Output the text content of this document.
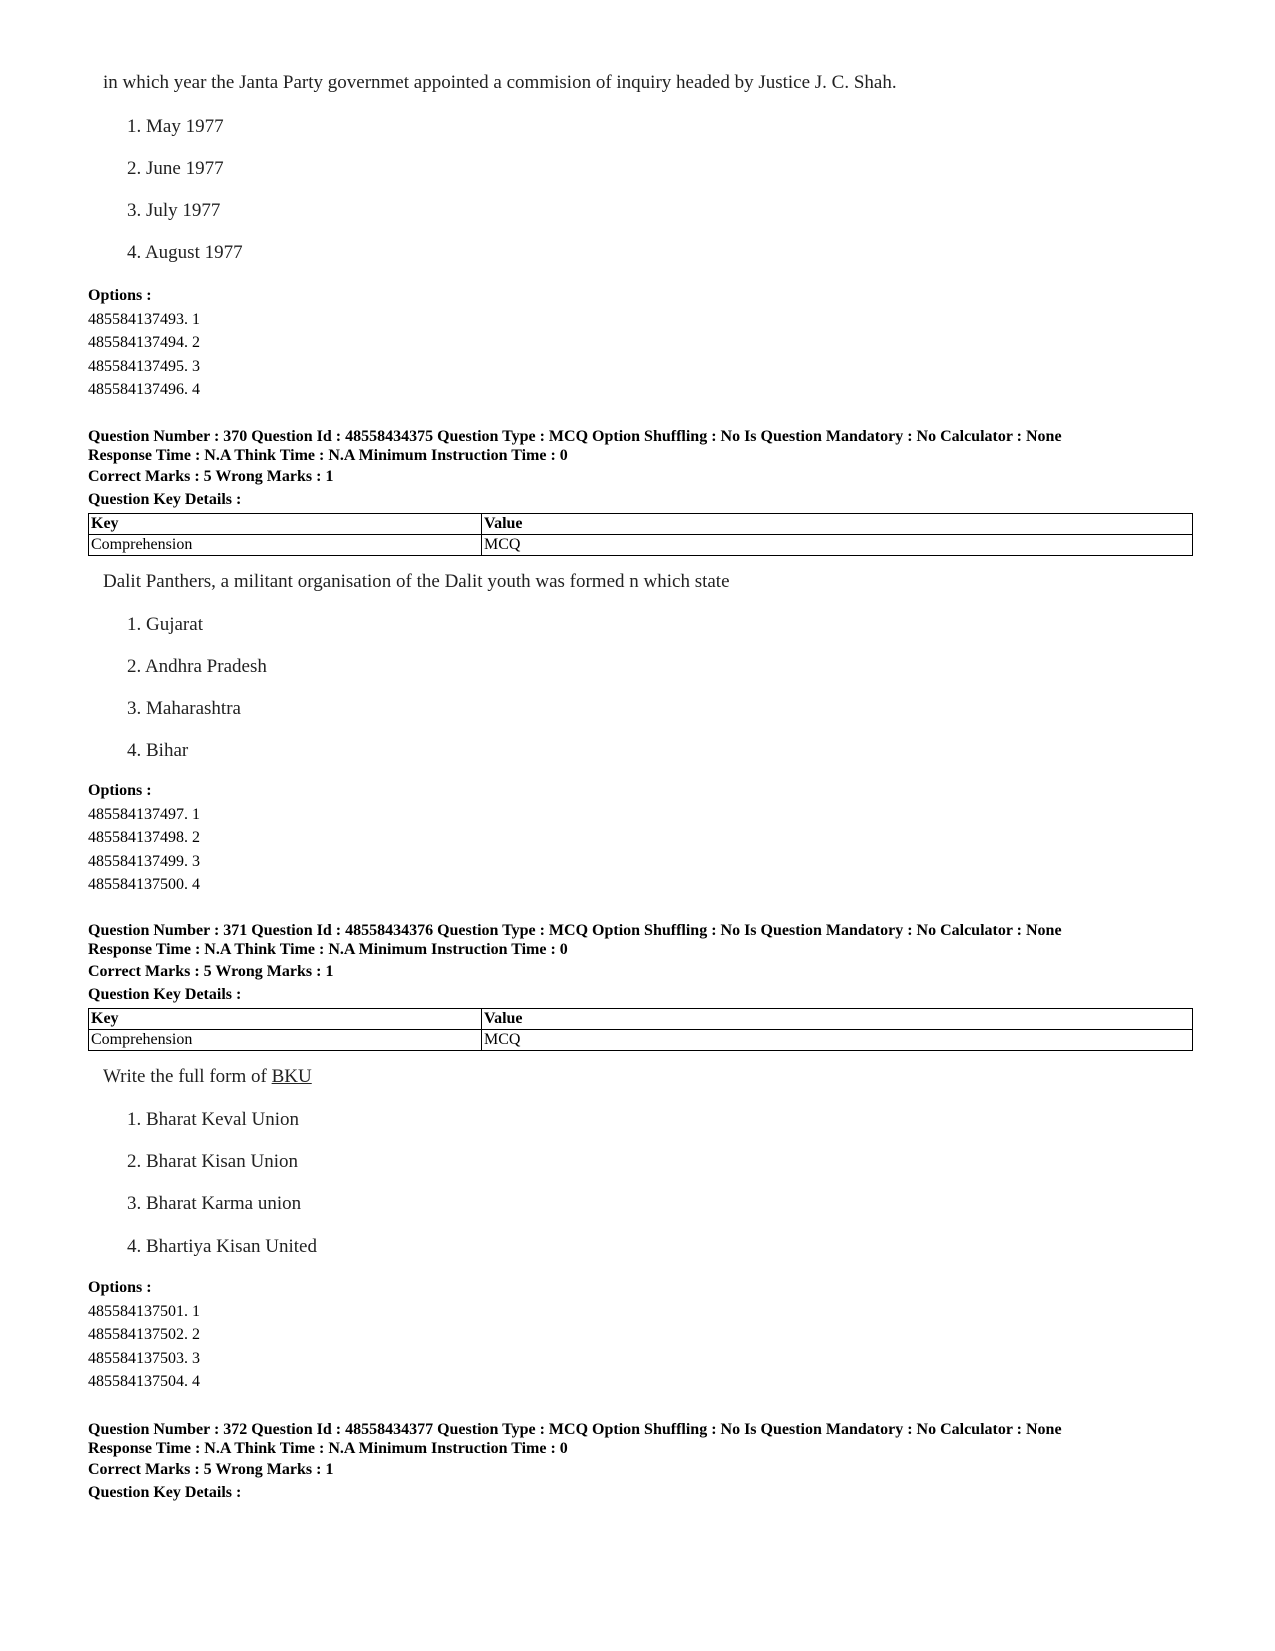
in which year the Janta Party governmet appointed a commision of inquiry headed by Justice J. C. Shah.
1. May 1977
2. June 1977
3. July 1977
4. August 1977
Options :
485584137493. 1
485584137494. 2
485584137495. 3
485584137496. 4
Question Number : 370 Question Id : 48558434375 Question Type : MCQ Option Shuffling : No Is Question Mandatory : No Calculator : None
Response Time : N.A Think Time : N.A Minimum Instruction Time : 0
Correct Marks : 5 Wrong Marks : 1
Question Key Details :
Key	Value
Comprehension	MCQ
Dalit Panthers, a militant organisation of the Dalit youth was formed n which state
1. Gujarat
2. Andhra Pradesh
3. Maharashtra
4. Bihar
Options :
485584137497. 1
485584137498. 2
485584137499. 3
485584137500. 4
Question Number : 371 Question Id : 48558434376 Question Type : MCQ Option Shuffling : No Is Question Mandatory : No Calculator : None
Response Time : N.A Think Time : N.A Minimum Instruction Time : 0
Correct Marks : 5 Wrong Marks : 1
Question Key Details :
Key	Value
Comprehension	MCQ
Write the full form of BKU
1. Bharat Keval Union
2. Bharat Kisan Union
3. Bharat Karma union
4. Bhartiya Kisan United
Options :
485584137501. 1
485584137502. 2
485584137503. 3
485584137504. 4
Question Number : 372 Question Id : 48558434377 Question Type : MCQ Option Shuffling : No Is Question Mandatory : No Calculator : None
Response Time : N.A Think Time : N.A Minimum Instruction Time : 0
Correct Marks : 5 Wrong Marks : 1
Question Key Details :
